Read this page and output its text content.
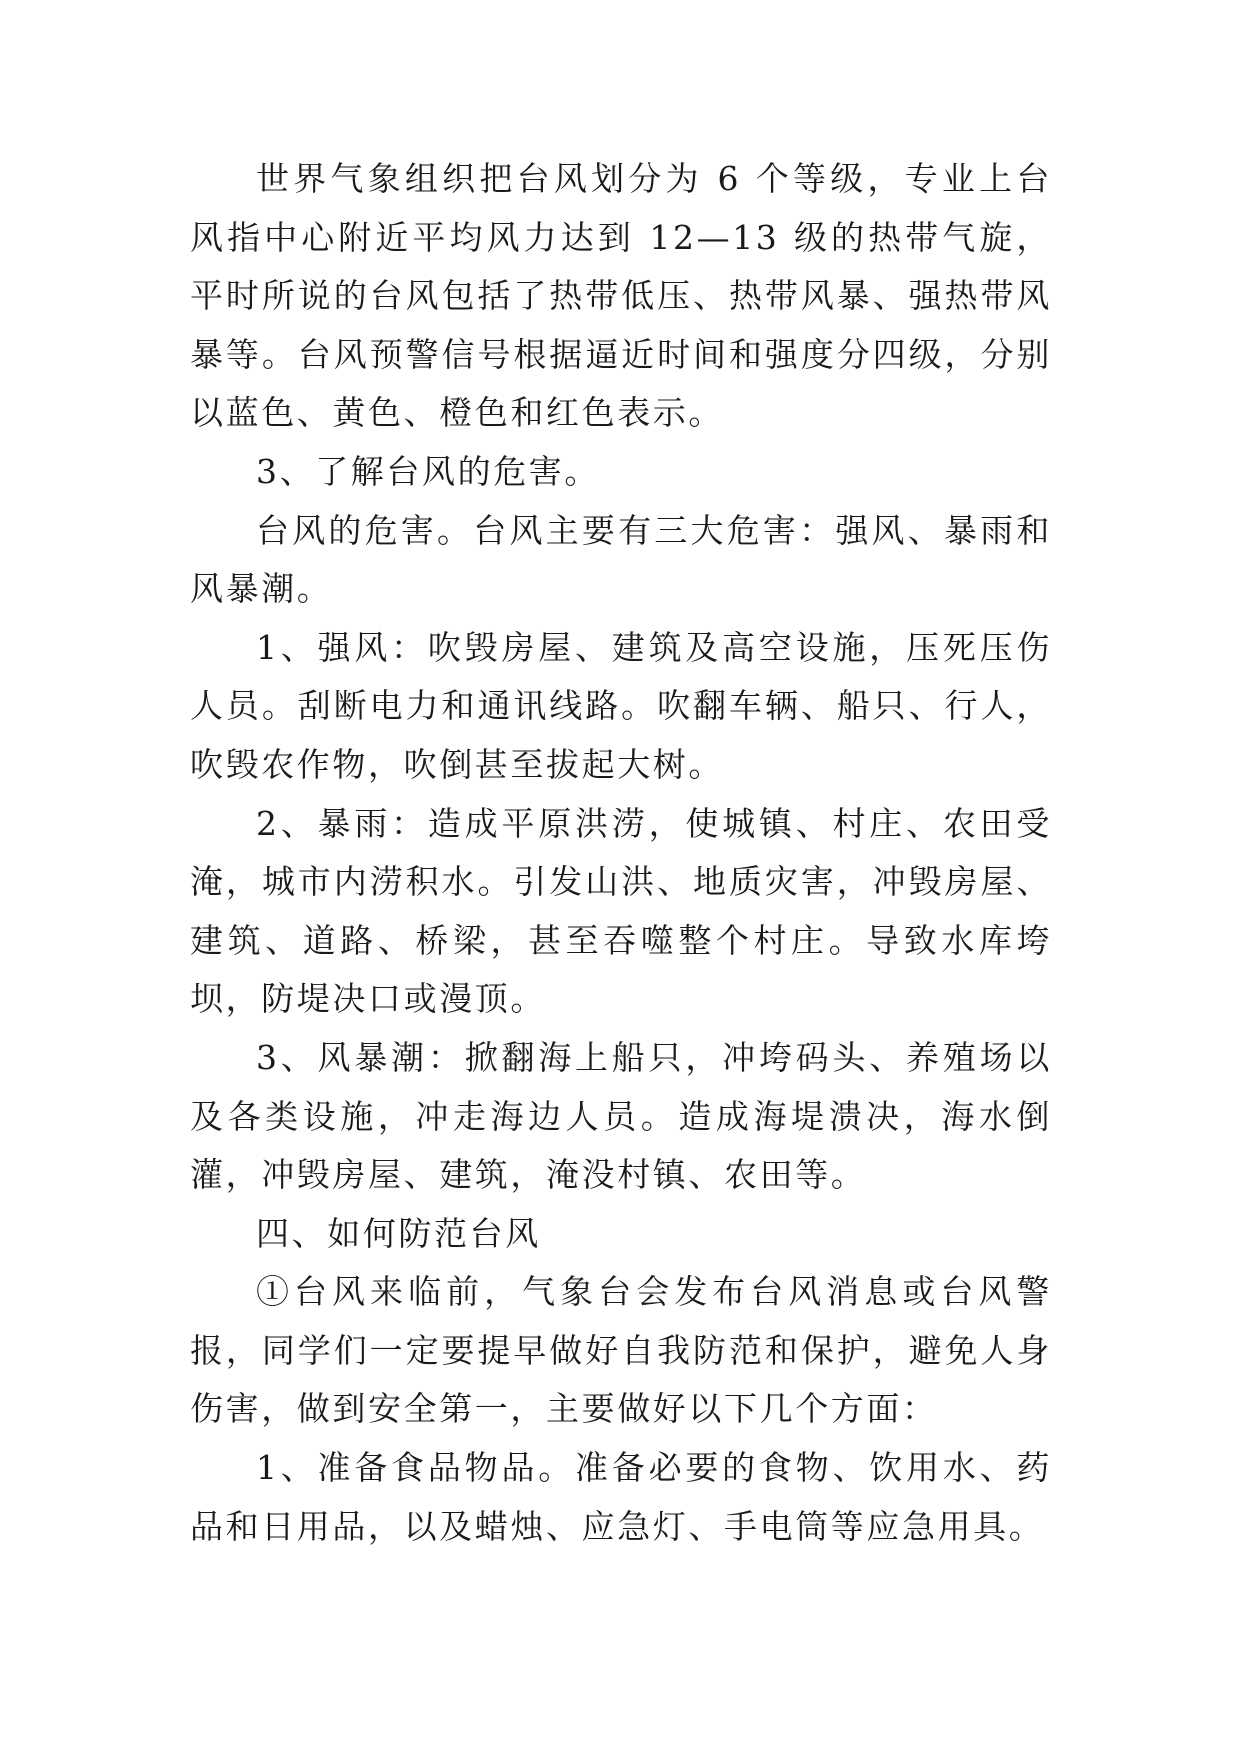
世界气象组织把台风划分为 6 个等级，专业上台风指中心附近平均风力达到 12—13 级的热带气旋，平时所说的台风包括了热带低压、热带风暴、强热带风暴等。台风预警信号根据逼近时间和强度分四级，分别以蓝色、黄色、橙色和红色表示。

3、了解台风的危害。

台风的危害。台风主要有三大危害：强风、暴雨和风暴潮。

1、强风：吹毁房屋、建筑及高空设施，压死压伤人员。刮断电力和通讯线路。吹翻车辆、船只、行人，吹毁农作物，吹倒甚至拔起大树。

2、暴雨：造成平原洪涝，使城镇、村庄、农田受淹，城市内涝积水。引发山洪、地质灾害，冲毁房屋、建筑、道路、桥梁，甚至吞噬整个村庄。导致水库垮坝，防堤决口或漫顶。

3、风暴潮：掀翻海上船只，冲垮码头、养殖场以及各类设施，冲走海边人员。造成海堤溃决，海水倒灌，冲毁房屋、建筑，淹没村镇、农田等。

四、如何防范台风

①台风来临前，气象台会发布台风消息或台风警报，同学们一定要提早做好自我防范和保护，避免人身伤害，做到安全第一，主要做好以下几个方面：

1、准备食品物品。准备必要的食物、饮用水、药品和日用品，以及蜡烛、应急灯、手电筒等应急用具。
